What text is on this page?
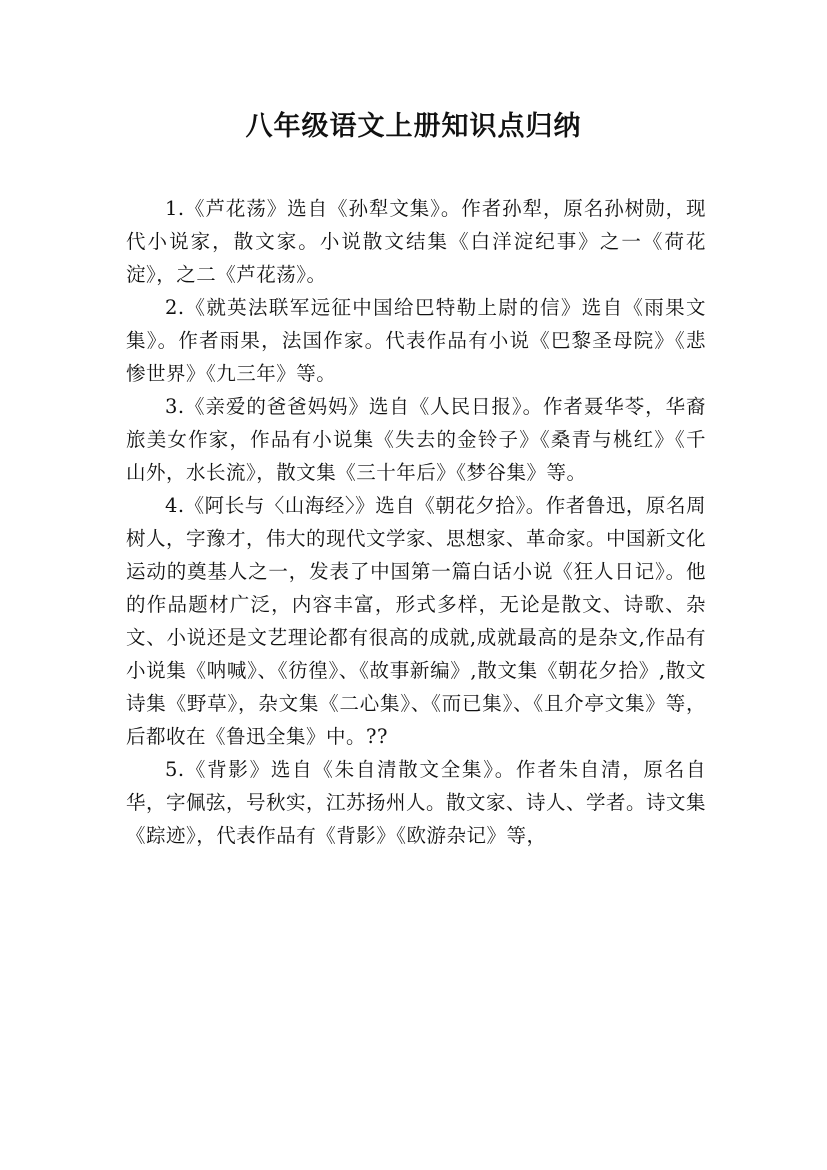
八年级语文上册知识点归纳

1.《芦花荡》选自《孙犁文集》。作者孙犁，原名孙树勋，现代小说家，散文家。小说散文结集《白洋淀纪事》之一《荷花淀》，之二《芦花荡》。

2.《就英法联军远征中国给巴特勒上尉的信》选自《雨果文集》。作者雨果，法国作家。代表作品有小说《巴黎圣母院》《悲惨世界》《九三年》等。

3.《亲爱的爸爸妈妈》选自《人民日报》。作者聂华苓，华裔旅美女作家，作品有小说集《失去的金铃子》《桑青与桃红》《千山外，水长流》，散文集《三十年后》《梦谷集》等。

4.《阿长与〈山海经〉》选自《朝花夕拾》。作者鲁迅，原名周树人，字豫才，伟大的现代文学家、思想家、革命家。中国新文化运动的奠基人之一，发表了中国第一篇白话小说《狂人日记》。他的作品题材广泛，内容丰富，形式多样，无论是散文、诗歌、杂文、小说还是文艺理论都有很高的成就,成就最高的是杂文,作品有小说集《呐喊》、《彷徨》、《故事新编》,散文集《朝花夕拾》,散文诗集《野草》，杂文集《二心集》、《而已集》、《且介亭文集》等，后都收在《鲁迅全集》中。??

5.《背影》选自《朱自清散文全集》。作者朱自清，原名自华，字佩弦，号秋实，江苏扬州人。散文家、诗人、学者。诗文集《踪迹》，代表作品有《背影》《欧游杂记》等，
